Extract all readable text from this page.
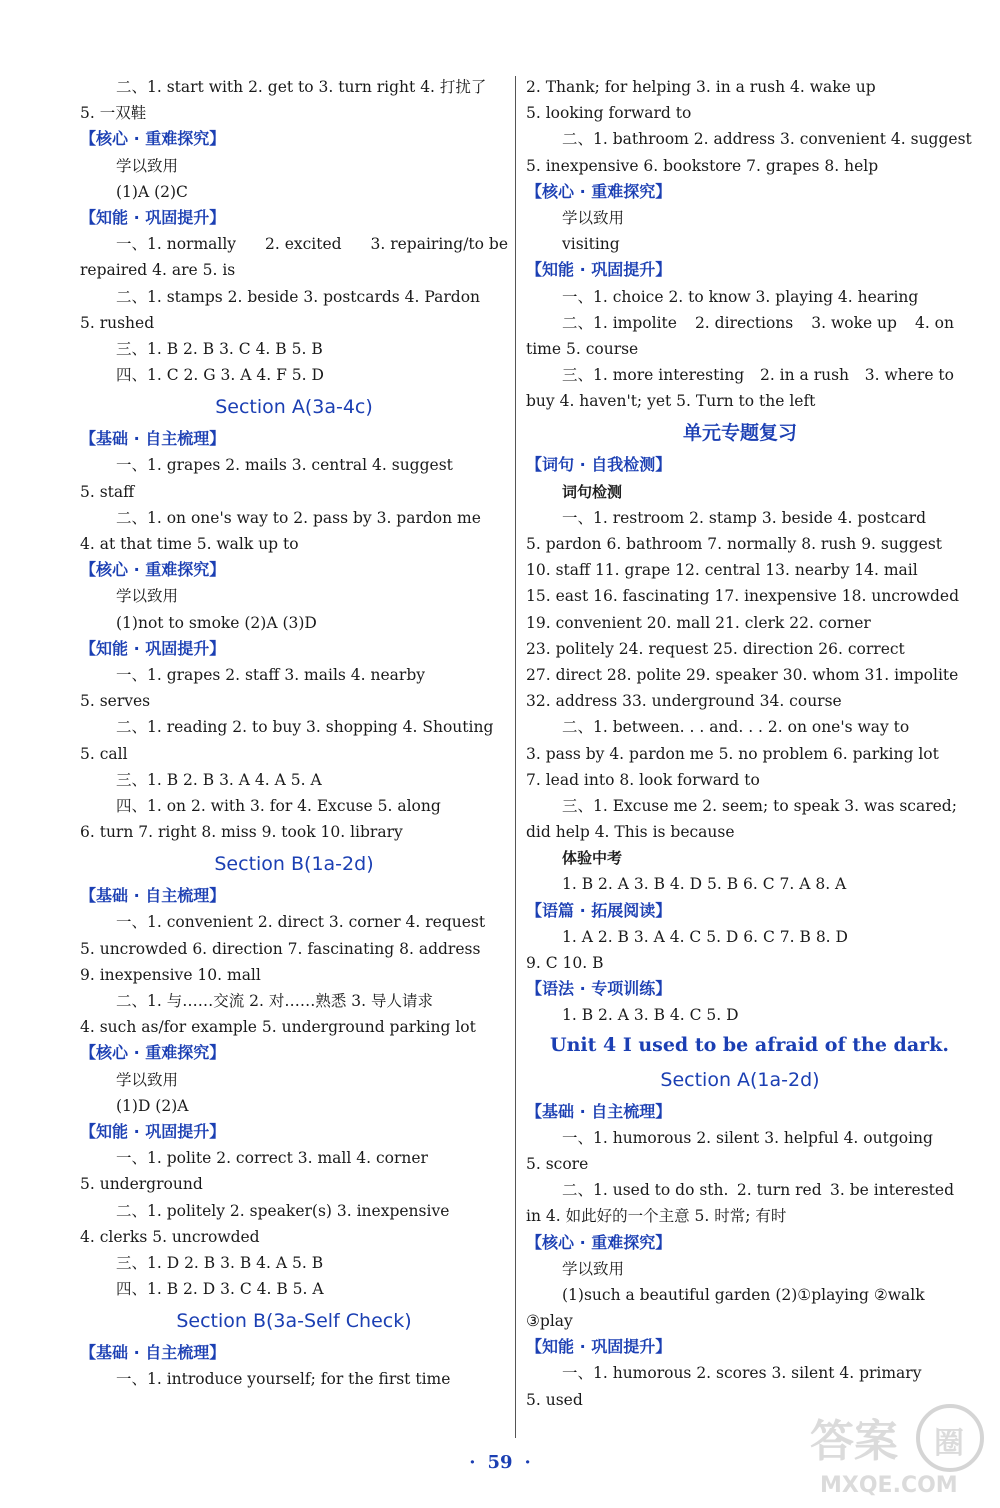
二、1. start with 2. get to 3. turn right 4. 打扰了
5. 一双鞋
【核心 · 重难探究】
学以致用
(1)A (2)C
【知能 · 巩固提升】
一、1. normally 2. excited 3. repairing/to be
repaired 4. are 5. is
二、1. stamps 2. beside 3. postcards 4. Pardon
5. rushed
三、1. B 2. B 3. C 4. B 5. B
四、1. C 2. G 3. A 4. F 5. D
Section A(3a-4c)
【基础 · 自主梳理】
一、1. grapes 2. mails 3. central 4. suggest
5. staff
二、1. on one's way to 2. pass by 3. pardon me
4. at that time 5. walk up to
【核心 · 重难探究】
学以致用
(1)not to smoke (2)A (3)D
【知能 · 巩固提升】
一、1. grapes 2. staff 3. mails 4. nearby
5. serves
二、1. reading 2. to buy 3. shopping 4. Shouting
5. call
三、1. B 2. B 3. A 4. A 5. A
四、1. on 2. with 3. for 4. Excuse 5. along
6. turn 7. right 8. miss 9. took 10. library
Section B(1a-2d)
【基础 · 自主梳理】
一、1. convenient 2. direct 3. corner 4. request
5. uncrowded 6. direction 7. fascinating 8. address
9. inexpensive 10. mall
二、1. 与……交流 2. 对……熟悉 3. 导人请求
4. such as/for example 5. underground parking lot
【核心 · 重难探究】
学以致用
(1)D (2)A
【知能 · 巩固提升】
一、1. polite 2. correct 3. mall 4. corner
5. underground
二、1. politely 2. speaker(s) 3. inexpensive
4. clerks 5. uncrowded
三、1. D 2. B 3. B 4. A 5. B
四、1. B 2. D 3. C 4. B 5. A
Section B(3a-Self Check)
【基础 · 自主梳理】
一、1. introduce yourself; for the first time
2. Thank; for helping 3. in a rush 4. wake up
5. looking forward to
二、1. bathroom 2. address 3. convenient 4. suggest
5. inexpensive 6. bookstore 7. grapes 8. help
【核心 · 重难探究】
学以致用
visiting
【知能 · 巩固提升】
一、1. choice 2. to know 3. playing 4. hearing
二、1. impolite 2. directions 3. woke up 4. on
time 5. course
三、1. more interesting 2. in a rush 3. where to
buy 4. haven't; yet 5. Turn to the left
单元专题复习
【词句 · 自我检测】
词句检测
一、1. restroom 2. stamp 3. beside 4. postcard
5. pardon 6. bathroom 7. normally 8. rush 9. suggest
10. staff 11. grape 12. central 13. nearby 14. mail
15. east 16. fascinating 17. inexpensive 18. uncrowded
19. convenient 20. mall 21. clerk 22. corner
23. politely 24. request 25. direction 26. correct
27. direct 28. polite 29. speaker 30. whom 31. impolite
32. address 33. underground 34. course
二、1. between. . . and. . . 2. on one's way to
3. pass by 4. pardon me 5. no problem 6. parking lot
7. lead into 8. look forward to
三、1. Excuse me 2. seem; to speak 3. was scared;
did help 4. This is because
体验中考
1. B 2. A 3. B 4. D 5. B 6. C 7. A 8. A
【语篇 · 拓展阅读】
1. A 2. B 3. A 4. C 5. D 6. C 7. B 8. D
9. C 10. B
【语法 · 专项训练】
1. B 2. A 3. B 4. C 5. D
Unit 4 I used to be afraid of the dark.
Section A(1a-2d)
【基础 · 自主梳理】
一、1. humorous 2. silent 3. helpful 4. outgoing
5. score
二、1. used to do sth. 2. turn red 3. be interested
in 4. 如此好的一个主意 5. 时常; 有时
【核心 · 重难探究】
学以致用
(1)such a beautiful garden (2)①playing ②walk
③play
【知能 · 巩固提升】
一、1. humorous 2. scores 3. silent 4. primary
5. used
· 59 ·	答案 圈
MXQE.COM
